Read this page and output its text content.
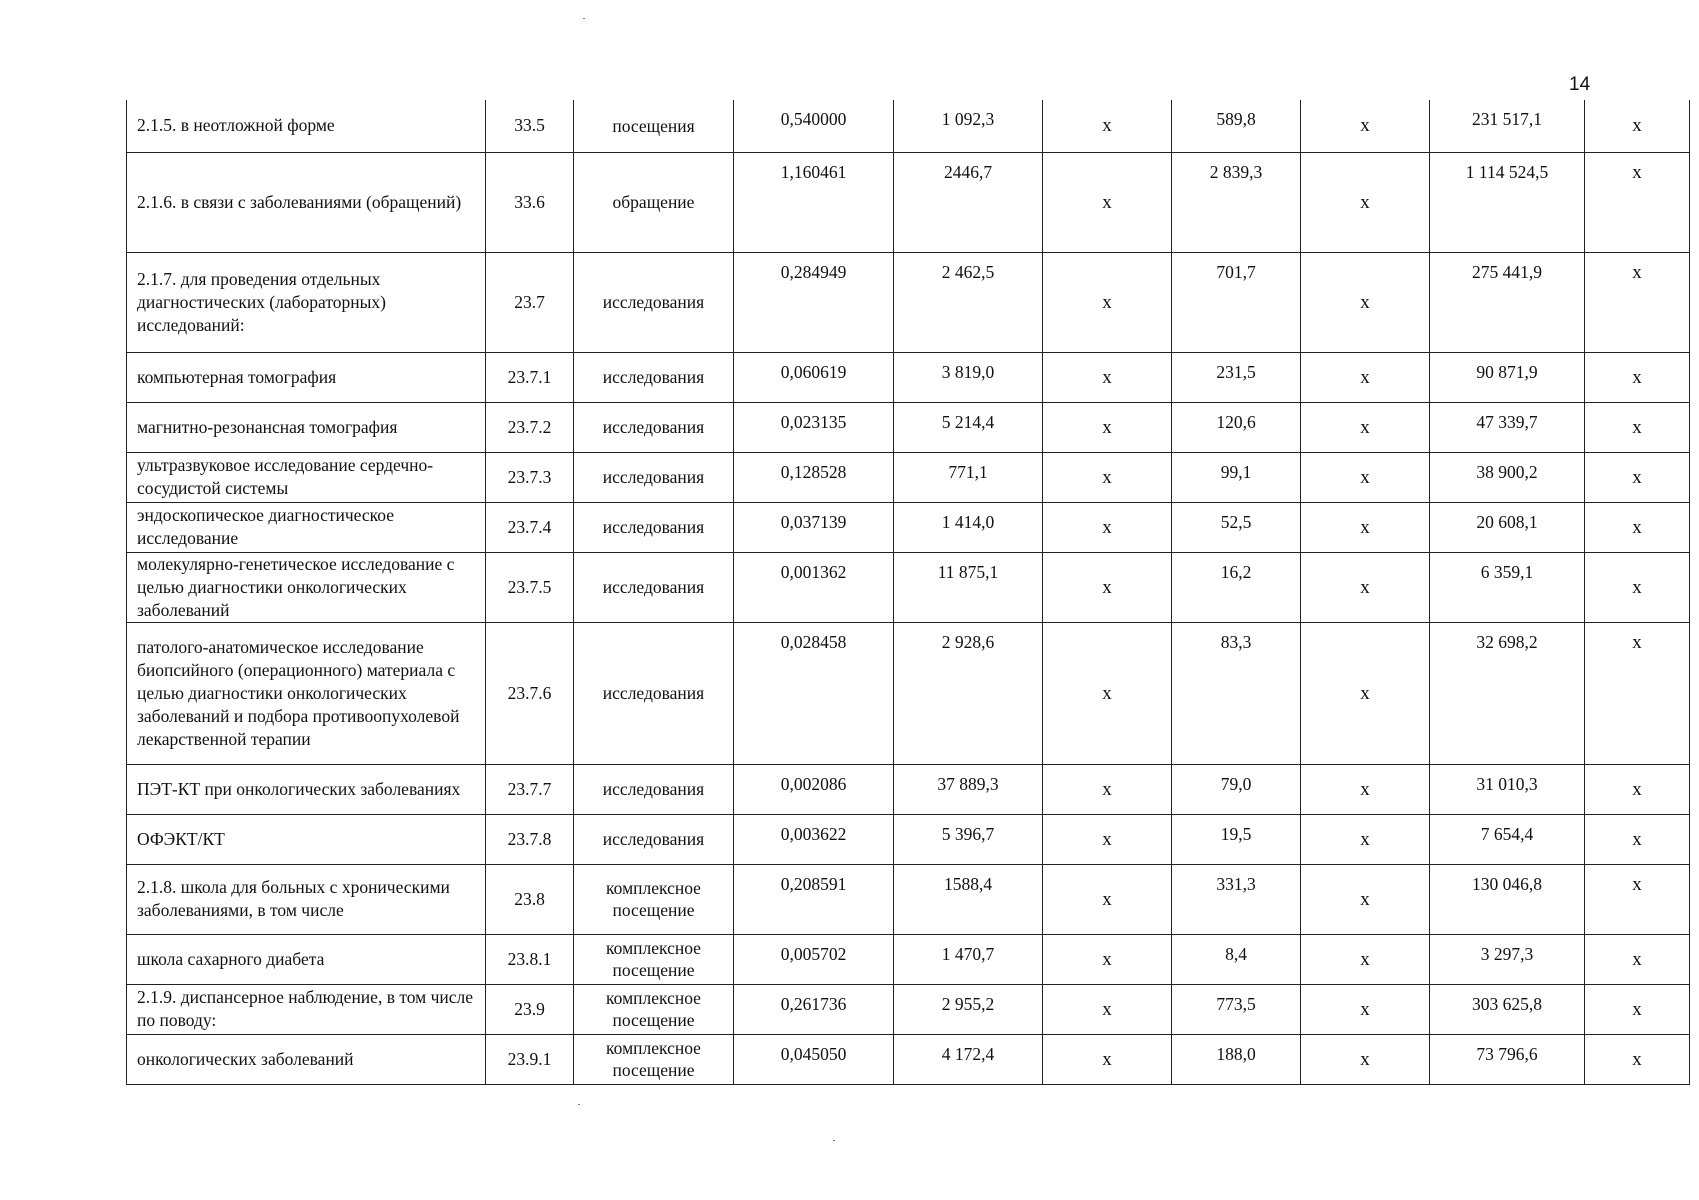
14
2.1.5. в неотложной форме	33.5	посещения	0,540000	1 092,3	х	589,8	х	231 517,1	х
2.1.6. в связи с заболеваниями (обращений)	33.6	обращение	1,160461	2446,7	х	2 839,3	х	1 114 524,5	х
2.1.7. для проведения отдельных диагностических (лабораторных) исследований:	23.7	исследования	0,284949	2 462,5	х	701,7	х	275 441,9	х
компьютерная томография	23.7.1	исследования	0,060619	3 819,0	х	231,5	х	90 871,9	х
магнитно-резонансная томография	23.7.2	исследования	0,023135	5 214,4	х	120,6	х	47 339,7	х
ультразвуковое исследование сердечно-сосудистой системы	23.7.3	исследования	0,128528	771,1	х	99,1	х	38 900,2	х
эндоскопическое диагностическое исследование	23.7.4	исследования	0,037139	1 414,0	х	52,5	х	20 608,1	х
молекулярно-генетическое исследование с целью диагностики онкологических заболеваний	23.7.5	исследования	0,001362	11 875,1	х	16,2	х	6 359,1	х
патолого-анатомическое исследование биопсийного (операционного) материала с целью диагностики онкологических заболеваний и подбора противоопухолевой лекарственной терапии	23.7.6	исследования	0,028458	2 928,6	х	83,3	х	32 698,2	х
ПЭТ-КТ при онкологических заболеваниях	23.7.7	исследования	0,002086	37 889,3	х	79,0	х	31 010,3	х
ОФЭКТ/КТ	23.7.8	исследования	0,003622	5 396,7	х	19,5	х	7 654,4	х
2.1.8. школа для больных с хроническими заболеваниями, в том числе	23.8	комплексное посещение	0,208591	1588,4	х	331,3	х	130 046,8	х
школа сахарного диабета	23.8.1	комплексное посещение	0,005702	1 470,7	х	8,4	х	3 297,3	х
2.1.9. диспансерное наблюдение, в том числе по поводу:	23.9	комплексное посещение	0,261736	2 955,2	х	773,5	х	303 625,8	х
онкологических заболеваний	23.9.1	комплексное посещение	0,045050	4 172,4	х	188,0	х	73 796,6	х
